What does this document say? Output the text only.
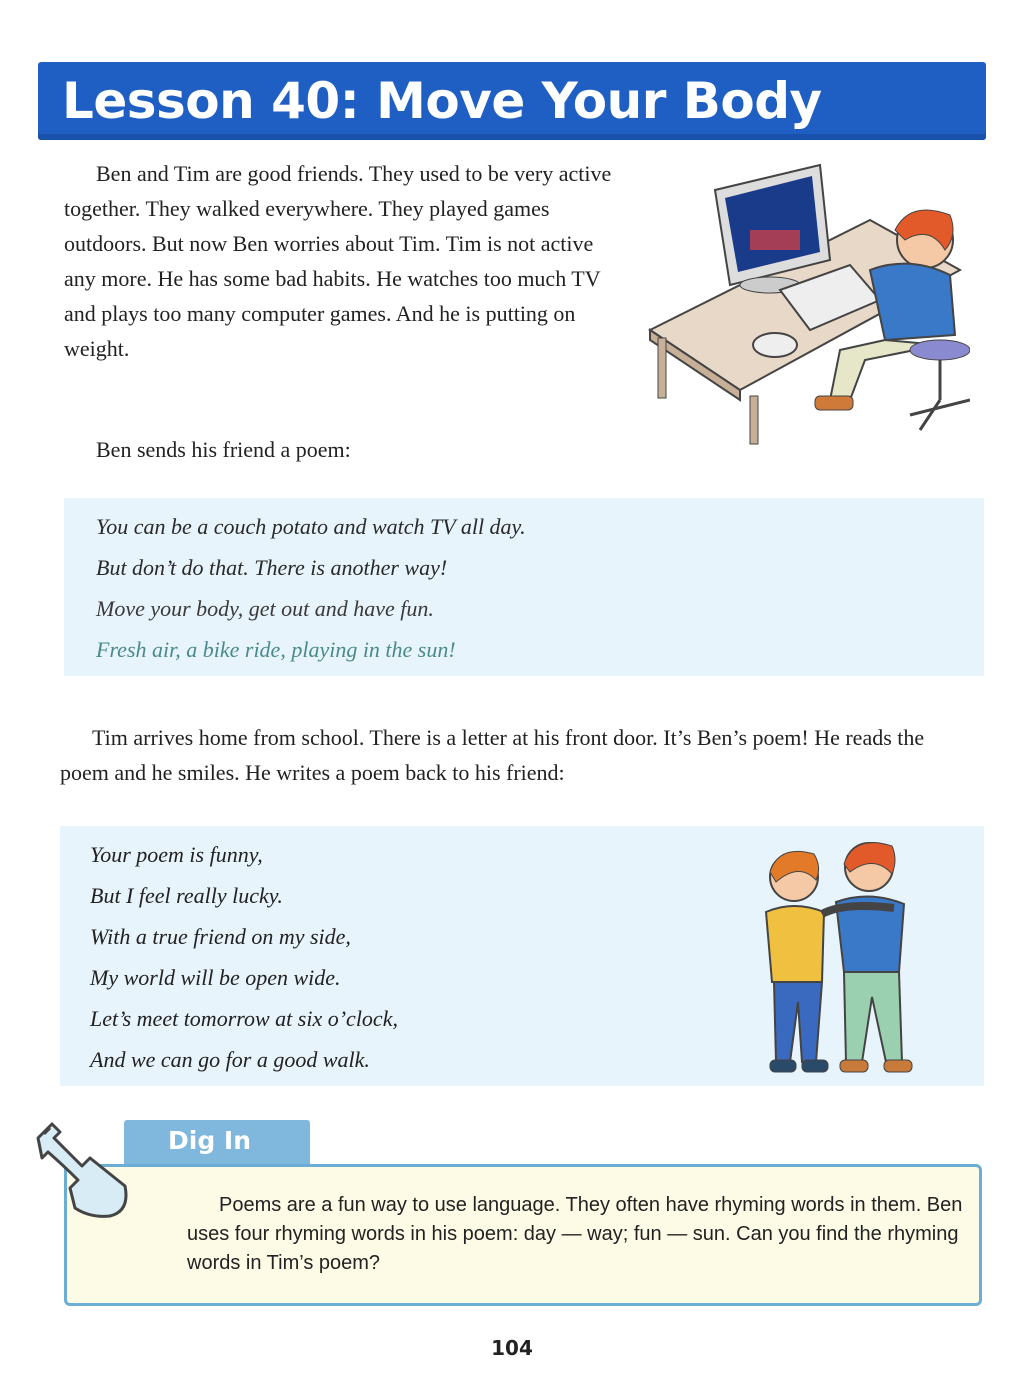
Lesson 40: Move Your Body

Ben and Tim are good friends. They used to be very active together. They walked everywhere. They played games outdoors. But now Ben worries about Tim. Tim is not active any more. He has some bad habits. He watches too much TV and plays too many computer games. And he is putting on weight.

Ben sends his friend a poem:

You can be a couch potato and watch TV all day.

But don’t do that. There is another way!

Move your body, get out and have fun.

Fresh air, a bike ride, playing in the sun!

Tim arrives home from school. There is a letter at his front door. It’s Ben’s poem! He reads the poem and he smiles. He writes a poem back to his friend:

Your poem is funny,

But I feel really lucky.

With a true friend on my side,

My world will be open wide.

Let’s meet tomorrow at six o’clock,

And we can go for a good walk.

Dig In

Poems are a fun way to use language. They often have rhyming words in them. Ben uses four rhyming words in his poem: day — way; fun — sun. Can you find the rhyming words in Tim’s poem?

104
